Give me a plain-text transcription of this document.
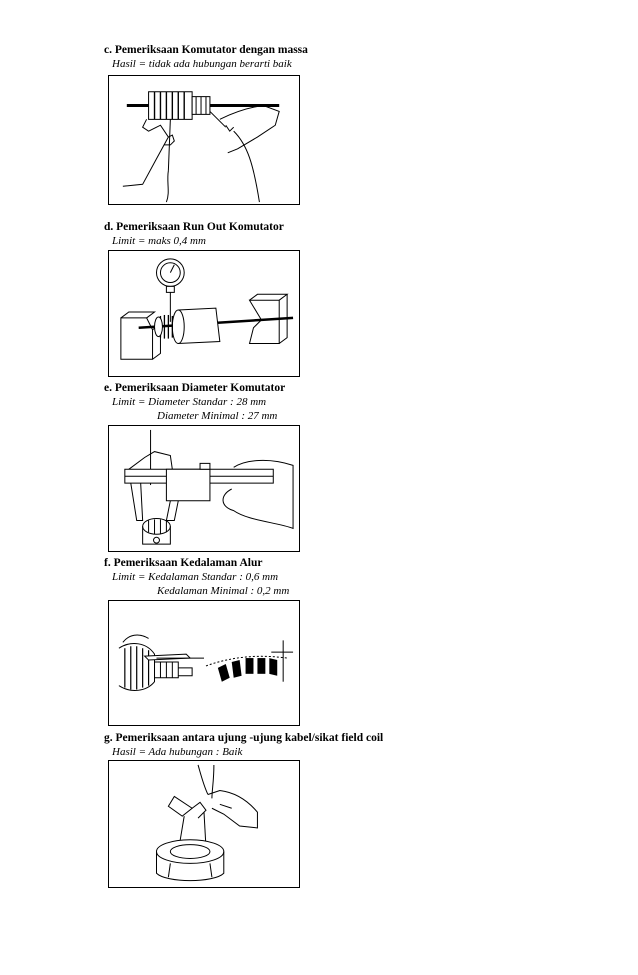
c. Pemeriksaan Komutator dengan massa
Hasil = tidak ada hubungan berarti baik
d. Pemeriksaan Run Out Komutator
Limit = maks 0,4 mm
e. Pemeriksaan Diameter Komutator
Limit = Diameter Standar : 28 mm
Diameter Minimal : 27 mm
f. Pemeriksaan Kedalaman Alur
Limit = Kedalaman Standar : 0,6 mm
Kedalaman Minimal : 0,2 mm
g. Pemeriksaan antara ujung -ujung kabel/sikat field coil
Hasil = Ada hubungan : Baik
